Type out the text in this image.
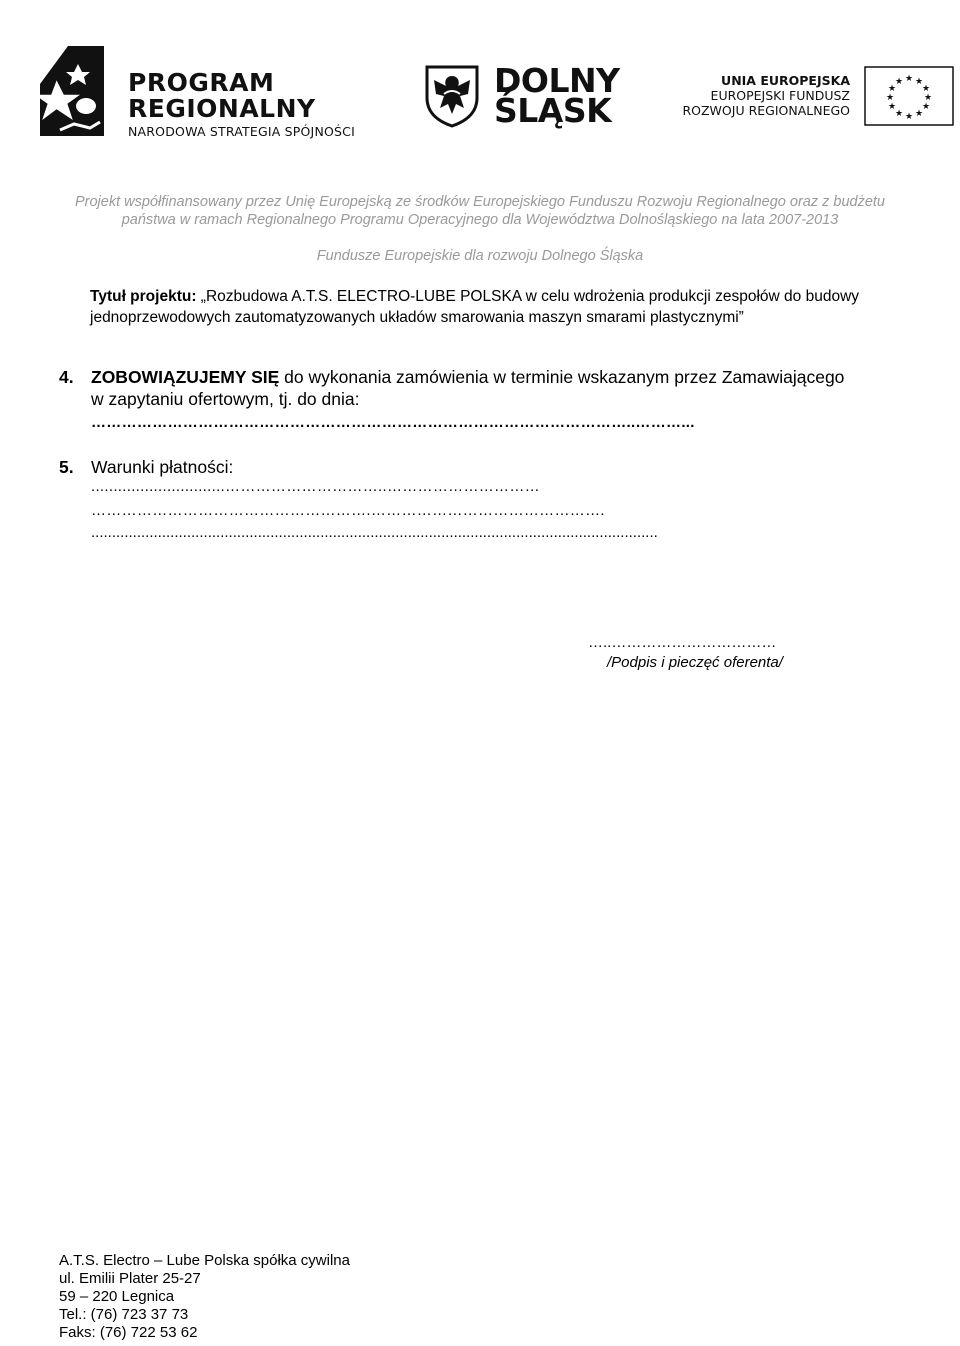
PROGRAM
REGIONALNY
NARODOWA STRATEGIA SPÓJNOŚCI
DOLNY
ŚLĄSK
UNIA EUROPEJSKA
EUROPEJSKI FUNDUSZ
ROZWOJU REGIONALNEGO
★ ★
★
★
★
★
★
★
★
★
★
★
Projekt współfinansowany przez Unię Europejską ze środków Europejskiego Funduszu Rozwoju Regionalnego oraz z budżetu
państwa w ramach Regionalnego Programu Operacyjnego dla Województwa Dolnośląskiego na lata 2007-2013
Fundusze Europejskie dla rozwoju Dolnego Śląska
Tytuł projektu: „Rozbudowa A.T.S. ELECTRO-LUBE POLSKA w celu wdrożenia produkcji zespołów do budowy jednoprzewodowych zautomatyzowanych układów smarowania maszyn smarami plastycznymi”
4. ZOBOWIĄZUJEMY SIĘ do wykonania zamówienia w terminie wskazanym przez Zamawiającego
w zapytaniu ofertowym, tj. do dnia:
……………………………………………………………………………………………..………...
5. Warunki płatności:
..............................…………………………..…………………………
……………………………………………….……………………………………….
........................................................................................................................................
…..……………………………
/Podpis i pieczęć oferenta/
A.T.S. Electro – Lube Polska spółka cywilna
ul. Emilii Plater 25-27
59 – 220 Legnica
Tel.: (76) 723 37 73
Faks: (76) 722 53 62
